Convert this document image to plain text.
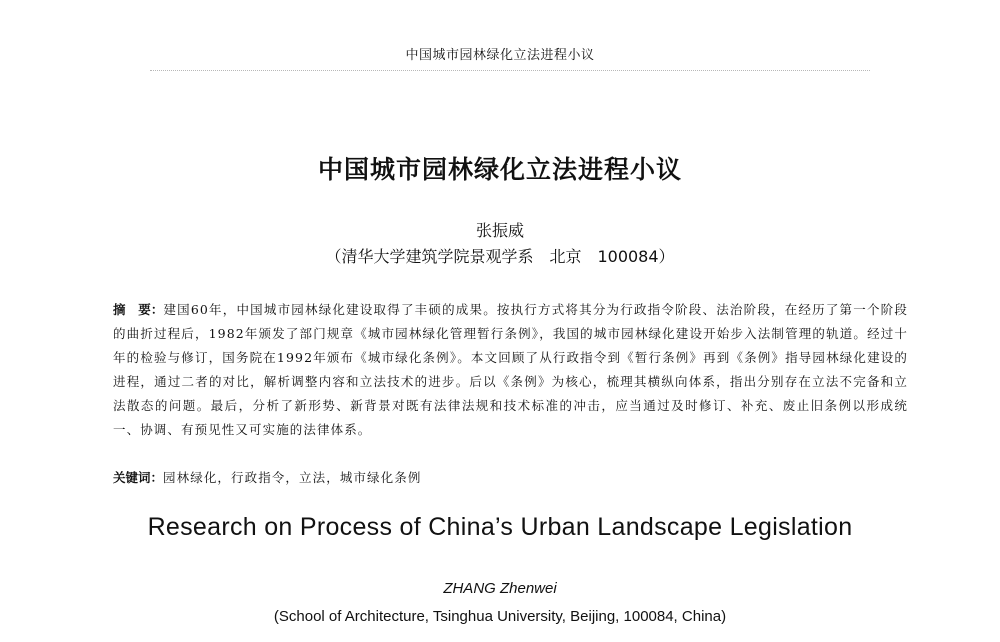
中国城市园林绿化立法进程小议
中国城市园林绿化立法进程小议
张振威
（清华大学建筑学院景观学系　北京　100084）
摘　要：建国60年，中国城市园林绿化建设取得了丰硕的成果。按执行方式将其分为行政指令阶段、法治阶段，在经历了第一个阶段的曲折过程后，1982年颁发了部门规章《城市园林绿化管理暂行条例》，我国的城市园林绿化建设开始步入法制管理的轨道。经过十年的检验与修订，国务院在1992年颁布《城市绿化条例》。本文回顾了从行政指令到《暂行条例》再到《条例》指导园林绿化建设的进程，通过二者的对比，解析调整内容和立法技术的进步。后以《条例》为核心，梳理其横纵向体系，指出分别存在立法不完备和立法散态的问题。最后，分析了新形势、新背景对既有法律法规和技术标准的冲击，应当通过及时修订、补充、废止旧条例以形成统一、协调、有预见性又可实施的法律体系。
关键词：园林绿化，行政指令，立法，城市绿化条例
Research on Process of China’s Urban Landscape Legislation
ZHANG Zhenwei
(School of Architecture, Tsinghua University, Beijing, 100084, China)
